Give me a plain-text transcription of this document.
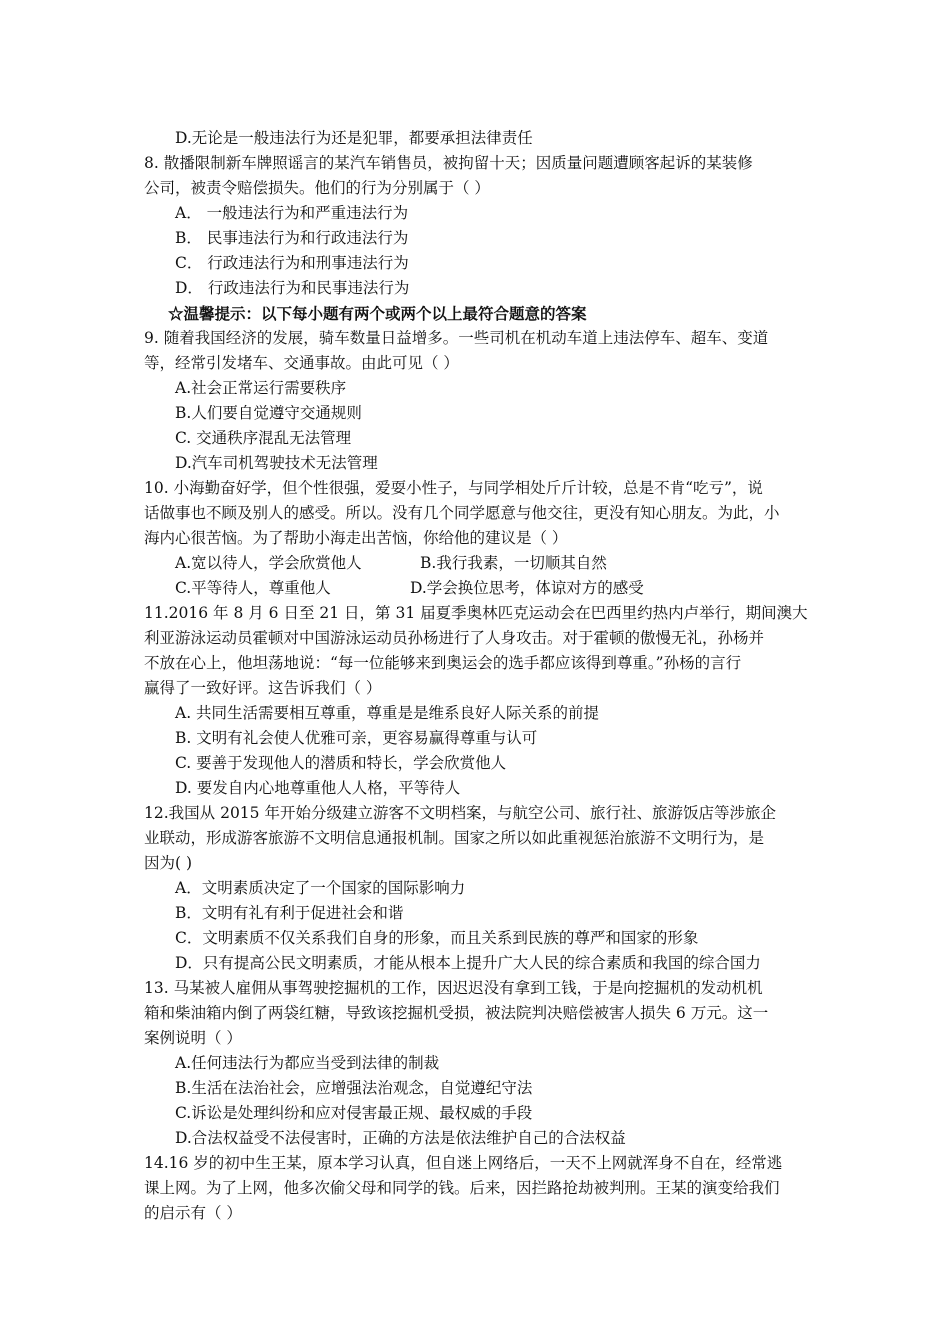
D.无论是一般违法行为还是犯罪，都要承担法律责任
8. 散播限制新车牌照谣言的某汽车销售员，被拘留十天；因质量问题遭顾客起诉的某装修
公司，被责令赔偿损失。他们的行为分别属于（ ）
A． 一般违法行为和严重违法行为
B． 民事违法行为和行政违法行为
C． 行政违法行为和刑事违法行为
D． 行政违法行为和民事违法行为
☆温馨提示：以下每小题有两个或两个以上最符合题意的答案
9. 随着我国经济的发展，骑车数量日益增多。一些司机在机动车道上违法停车、超车、变道
等，经常引发堵车、交通事故。由此可见（ ）
A.社会正常运行需要秩序
B.人们要自觉遵守交通规则
C. 交通秩序混乱无法管理
D.汽车司机驾驶技术无法管理
10. 小海勤奋好学，但个性很强，爱耍小性子，与同学相处斤斤计较，总是不肯“吃亏”，说
话做事也不顾及别人的感受。所以。没有几个同学愿意与他交往，更没有知心朋友。为此，小
海内心很苦恼。为了帮助小海走出苦恼，你给他的建议是（ ）
A.宽以待人，学会欣赏他人	B.我行我素，一切顺其自然
C.平等待人，尊重他人	D.学会换位思考，体谅对方的感受
11.2016 年 8 月 6 日至 21 日，第 31 届夏季奥林匹克运动会在巴西里约热内卢举行，期间澳大
利亚游泳运动员霍顿对中国游泳运动员孙杨进行了人身攻击。对于霍顿的傲慢无礼，孙杨并
不放在心上，他坦荡地说：“每一位能够来到奥运会的选手都应该得到尊重。”孙杨的言行
赢得了一致好评。这告诉我们（ ）
A. 共同生活需要相互尊重，尊重是是维系良好人际关系的前提
B. 文明有礼会使人优雅可亲，更容易赢得尊重与认可
C. 要善于发现他人的潜质和特长，学会欣赏他人
D. 要发自内心地尊重他人人格，平等待人
12.我国从 2015 年开始分级建立游客不文明档案，与航空公司、旅行社、旅游饭店等涉旅企
业联动，形成游客旅游不文明信息通报机制。国家之所以如此重视惩治旅游不文明行为，是
因为( )
A．文明素质决定了一个国家的国际影响力
B．文明有礼有利于促进社会和谐
C．文明素质不仅关系我们自身的形象，而且关系到民族的尊严和国家的形象
D．只有提高公民文明素质，才能从根本上提升广大人民的综合素质和我国的综合国力
13. 马某被人雇佣从事驾驶挖掘机的工作，因迟迟没有拿到工钱，于是向挖掘机的发动机机
箱和柴油箱内倒了两袋红糖，导致该挖掘机受损，被法院判决赔偿被害人损失 6 万元。这一
案例说明（ ）
A.任何违法行为都应当受到法律的制裁
B.生活在法治社会，应增强法治观念，自觉遵纪守法
C.诉讼是处理纠纷和应对侵害最正规、最权威的手段
D.合法权益受不法侵害时，正确的方法是依法维护自己的合法权益
14.16 岁的初中生王某，原本学习认真，但自迷上网络后，一天不上网就浑身不自在，经常逃
课上网。为了上网，他多次偷父母和同学的钱。后来，因拦路抢劫被判刑。王某的演变给我们
的启示有（ ）
